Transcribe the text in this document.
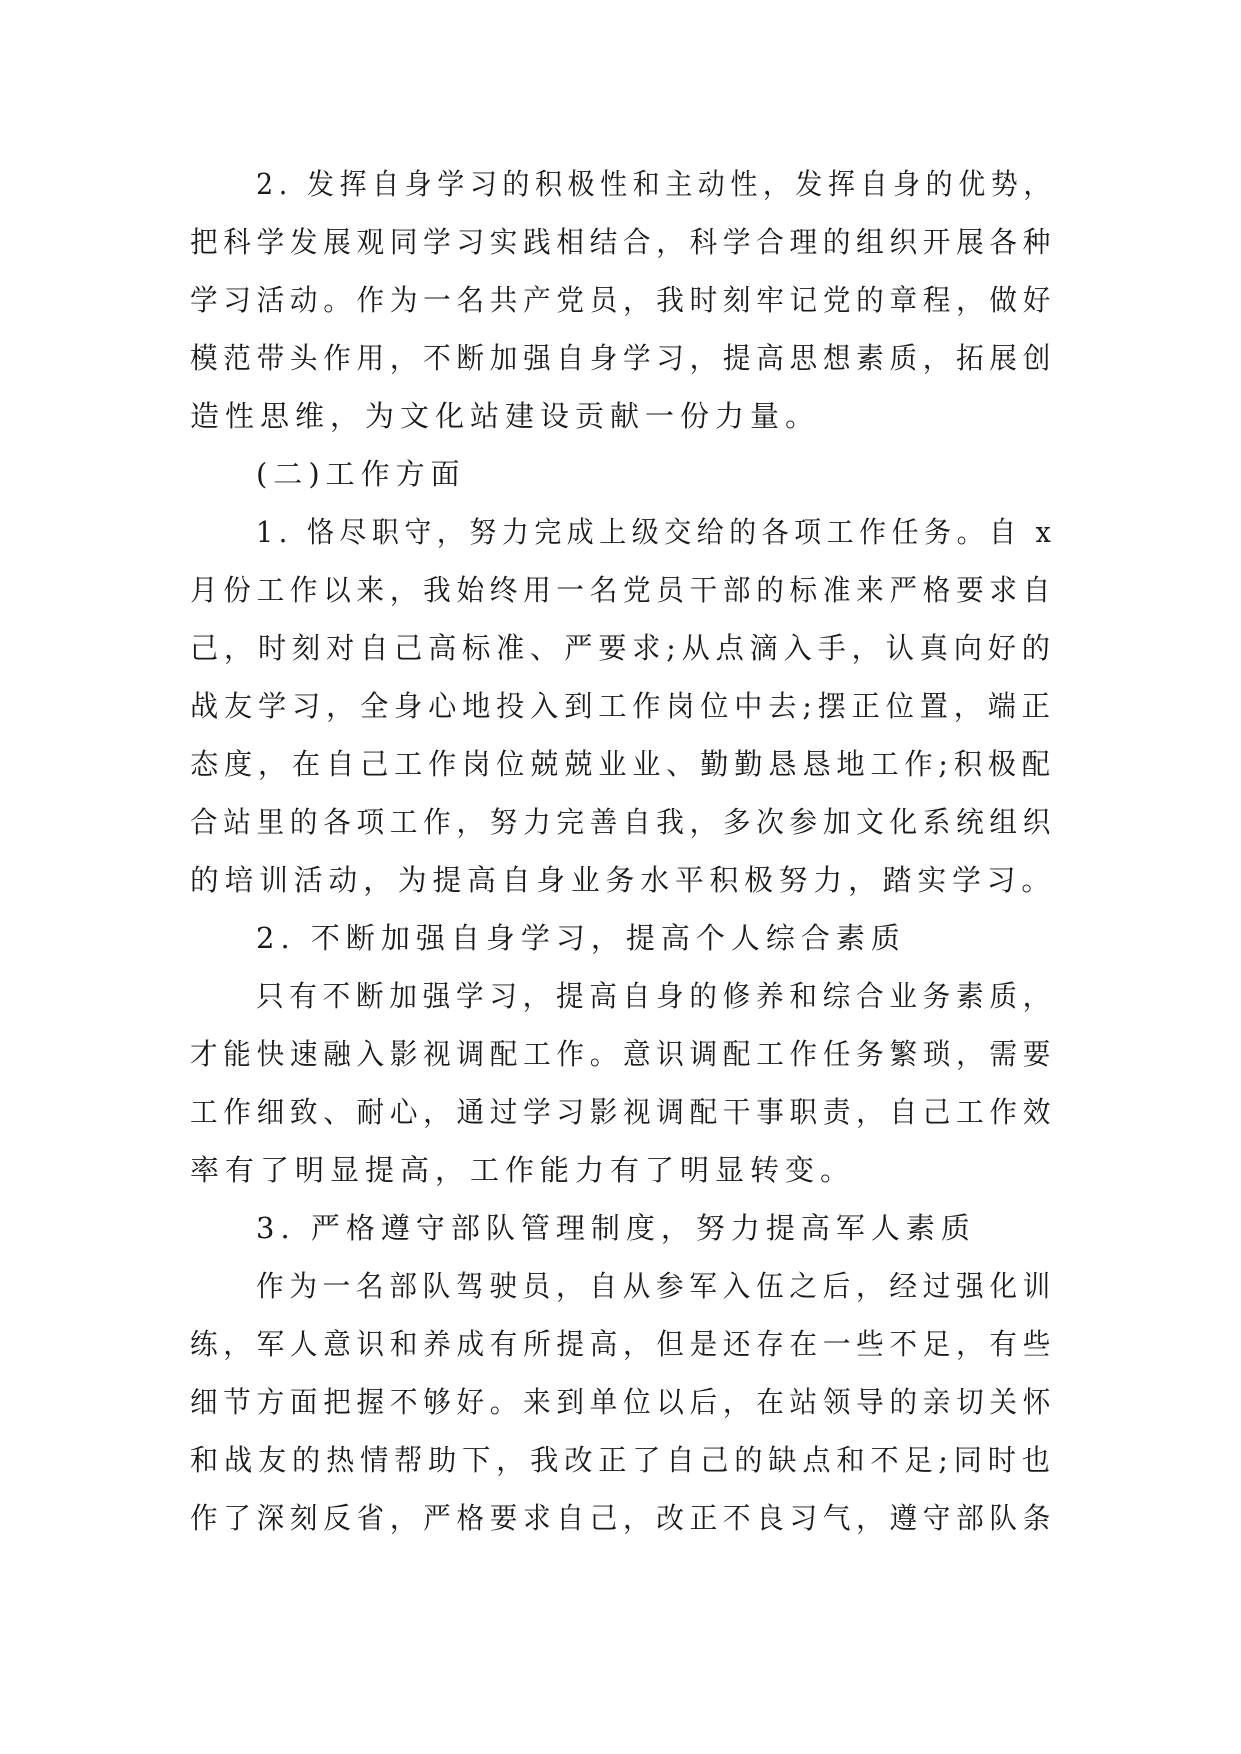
2. 发挥自身学习的积极性和主动性，发挥自身的优势，
把科学发展观同学习实践相结合，科学合理的组织开展各种
学习活动。作为一名共产党员，我时刻牢记党的章程，做好
模范带头作用，不断加强自身学习，提高思想素质，拓展创
造性思维，为文化站建设贡献一份力量。
(二)工作方面
1. 恪尽职守，努力完成上级交给的各项工作任务。自 x
月份工作以来，我始终用一名党员干部的标准来严格要求自
己，时刻对自己高标准、严要求;从点滴入手，认真向好的
战友学习，全身心地投入到工作岗位中去;摆正位置，端正
态度，在自己工作岗位兢兢业业、勤勤恳恳地工作;积极配
合站里的各项工作，努力完善自我，多次参加文化系统组织
的培训活动，为提高自身业务水平积极努力，踏实学习。
2. 不断加强自身学习，提高个人综合素质
只有不断加强学习，提高自身的修养和综合业务素质，
才能快速融入影视调配工作。意识调配工作任务繁琐，需要
工作细致、耐心，通过学习影视调配干事职责，自己工作效
率有了明显提高，工作能力有了明显转变。
3. 严格遵守部队管理制度，努力提高军人素质
作为一名部队驾驶员，自从参军入伍之后，经过强化训
练，军人意识和养成有所提高，但是还存在一些不足，有些
细节方面把握不够好。来到单位以后，在站领导的亲切关怀
和战友的热情帮助下，我改正了自己的缺点和不足;同时也
作了深刻反省，严格要求自己，改正不良习气，遵守部队条
